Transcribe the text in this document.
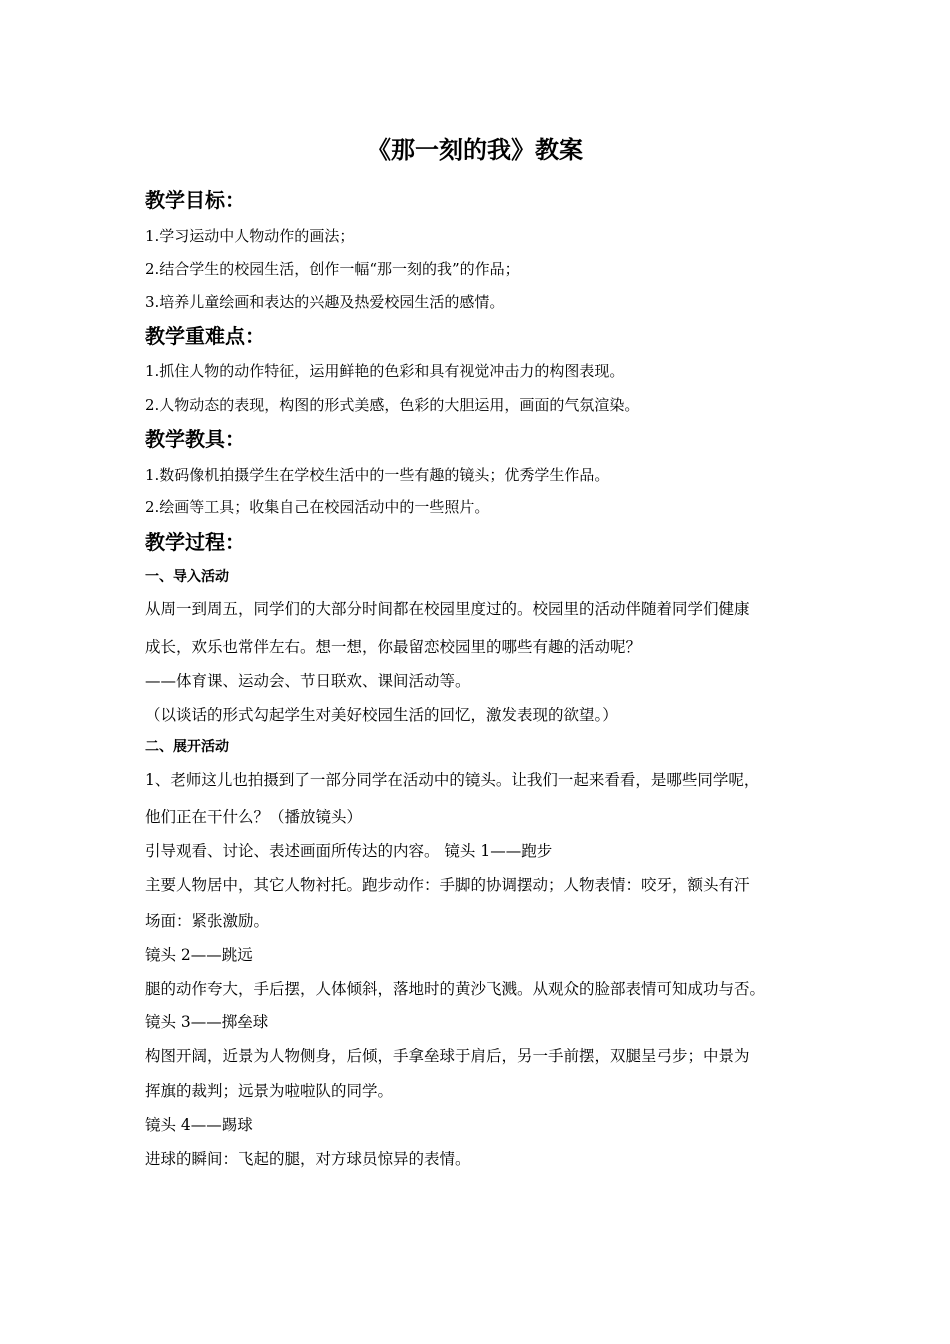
《那一刻的我》教案
教学目标：
1.学习运动中人物动作的画法；
2.结合学生的校园生活，创作一幅“那一刻的我”的作品；
3.培养儿童绘画和表达的兴趣及热爱校园生活的感情。
教学重难点：
1.抓住人物的动作特征，运用鲜艳的色彩和具有视觉冲击力的构图表现。
2.人物动态的表现，构图的形式美感，色彩的大胆运用，画面的气氛渲染。
教学教具：
1.数码像机拍摄学生在学校生活中的一些有趣的镜头；优秀学生作品。
2.绘画等工具；收集自己在校园活动中的一些照片。
教学过程：
一、导入活动
从周一到周五，同学们的大部分时间都在校园里度过的。校园里的活动伴随着同学们健康
成长，欢乐也常伴左右。想一想，你最留恋校园里的哪些有趣的活动呢？
——体育课、运动会、节日联欢、课间活动等。
（以谈话的形式勾起学生对美好校园生活的回忆，激发表现的欲望。）
二、展开活动
1、老师这儿也拍摄到了一部分同学在活动中的镜头。让我们一起来看看，是哪些同学呢，
他们正在干什么？（播放镜头）
引导观看、讨论、表述画面所传达的内容。 镜头 1——跑步
主要人物居中，其它人物衬托。跑步动作：手脚的协调摆动；人物表情：咬牙，额头有汗
场面：紧张激励。
镜头 2——跳远
腿的动作夸大，手后摆，人体倾斜，落地时的黄沙飞溅。从观众的脸部表情可知成功与否。
镜头 3——掷垒球
构图开阔，近景为人物侧身，后倾，手拿垒球于肩后，另一手前摆，双腿呈弓步；中景为
挥旗的裁判；远景为啦啦队的同学。
镜头 4——踢球
进球的瞬间：飞起的腿，对方球员惊异的表情。
